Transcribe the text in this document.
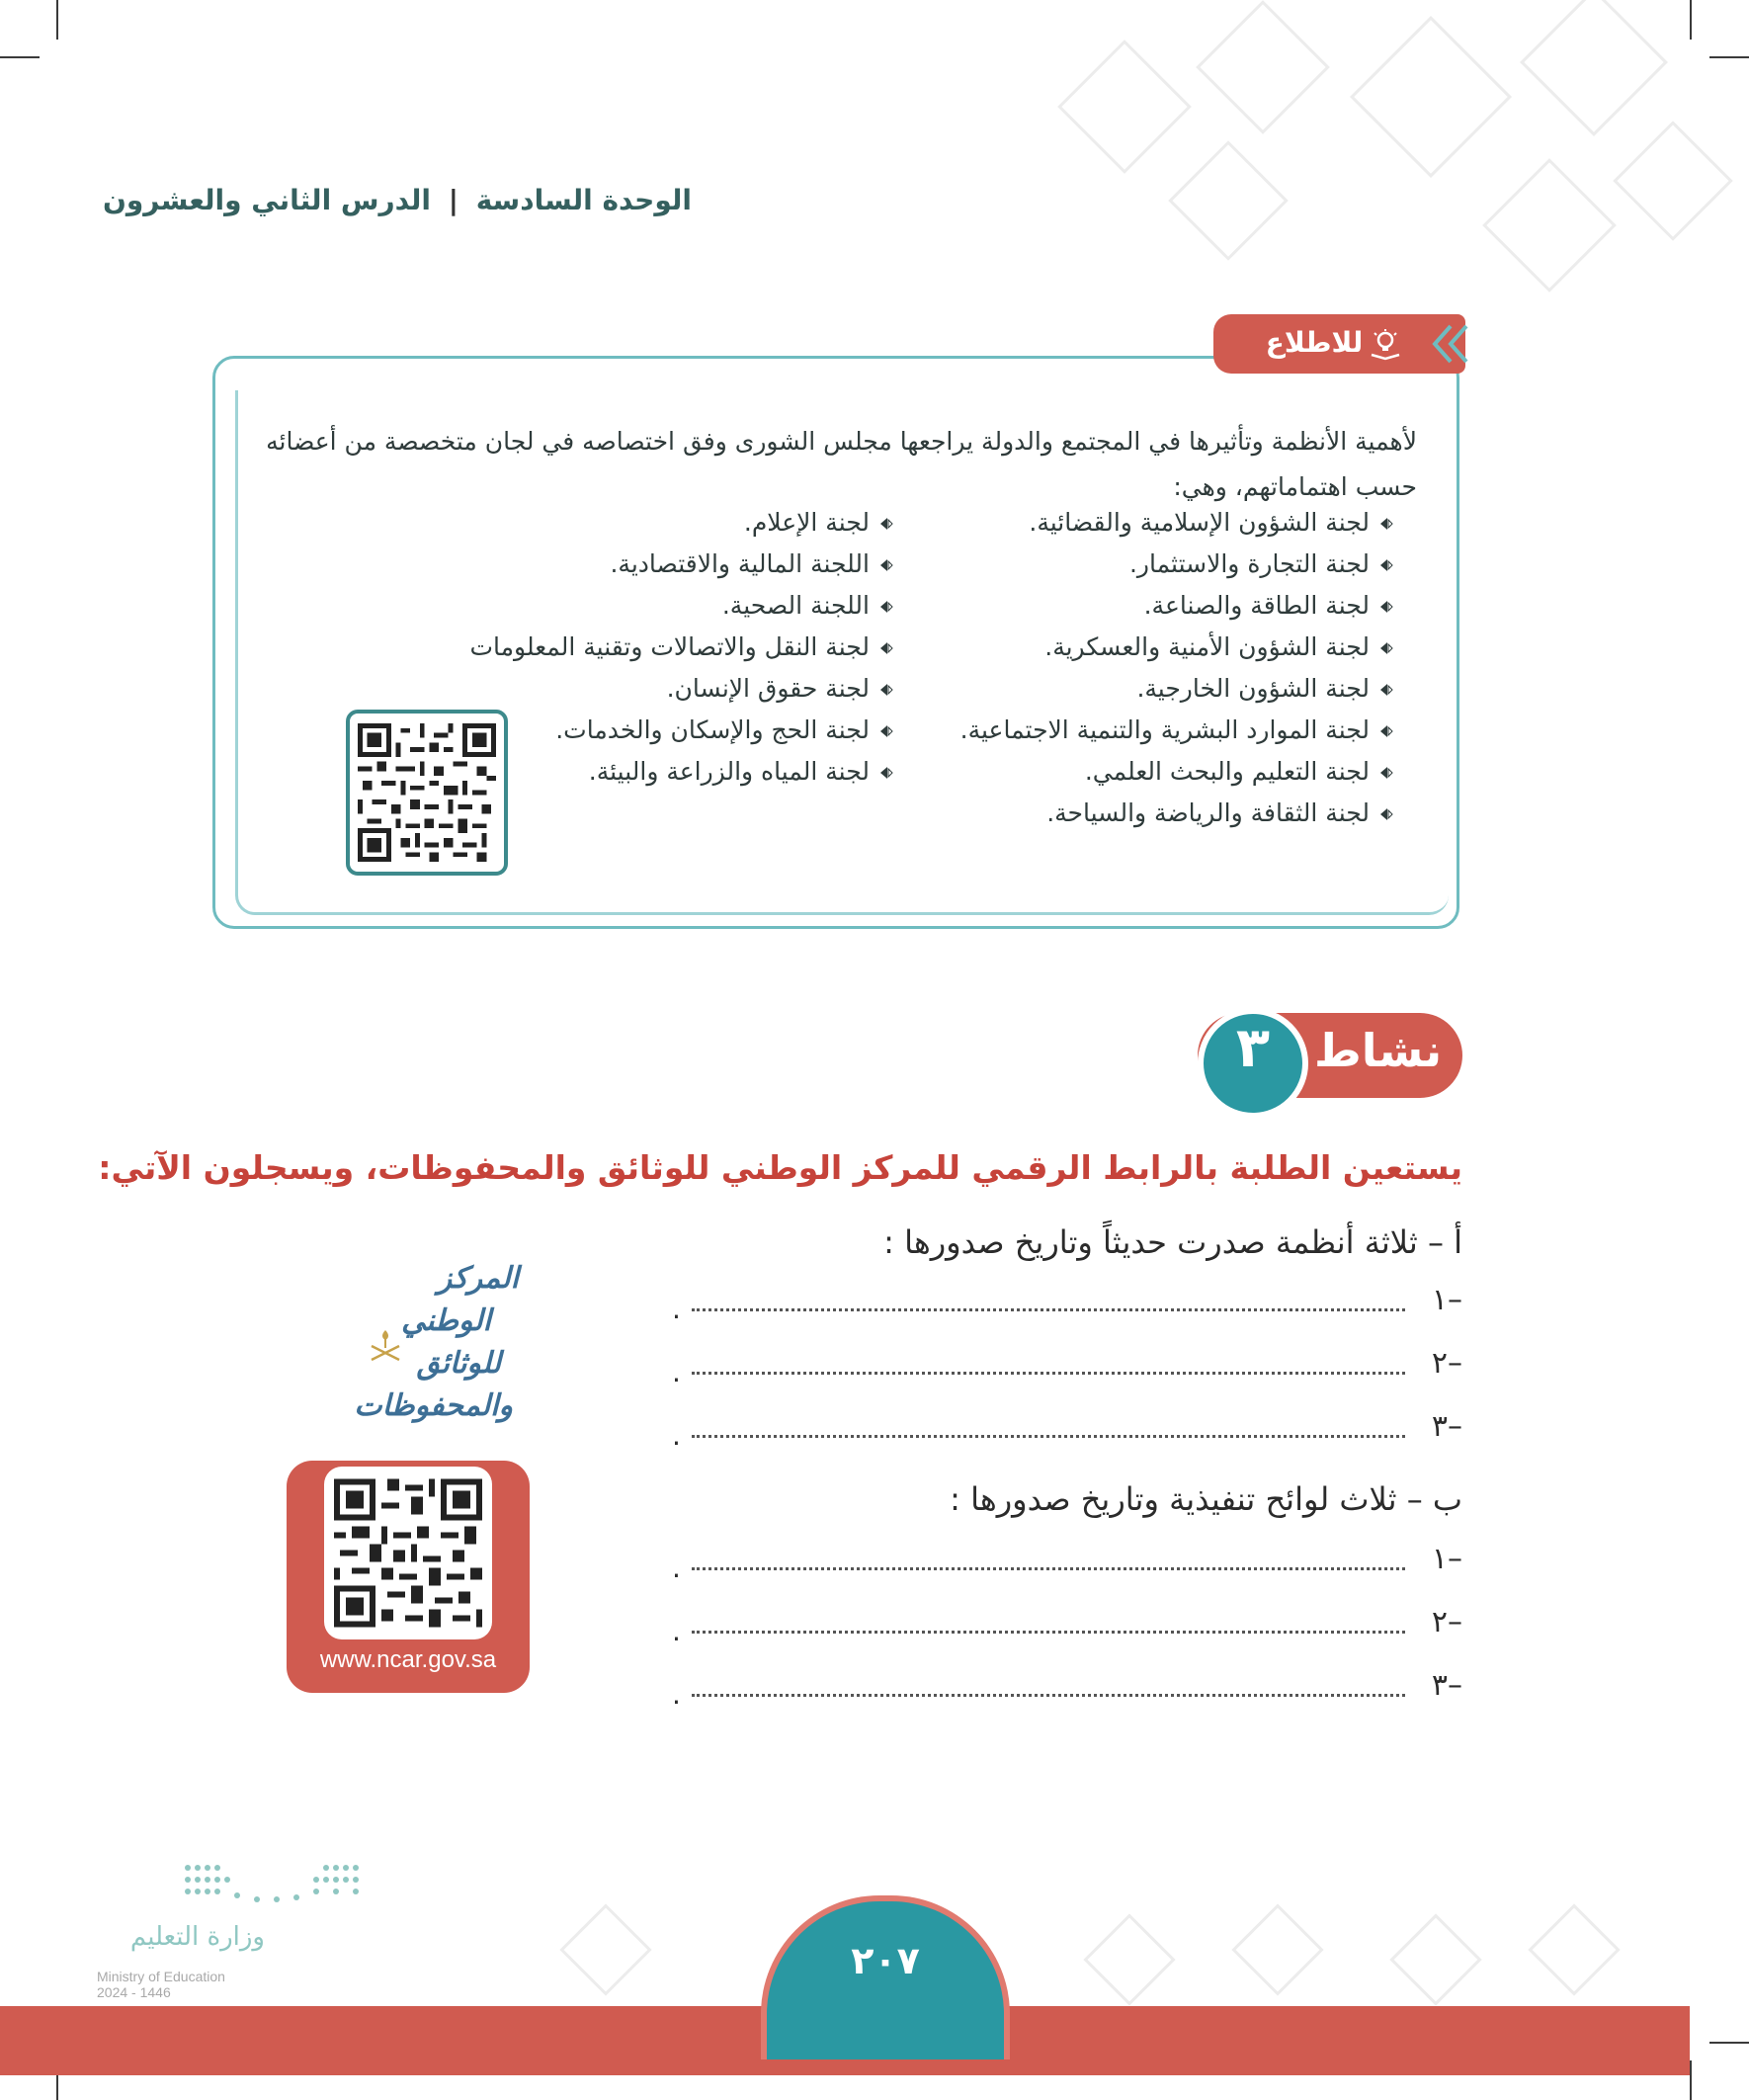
الوحدة السادسة | الدرس الثاني والعشرون
للاطلاع
لأهمية الأنظمة وتأثيرها في المجتمع والدولة يراجعها مجلس الشورى وفق اختصاصه في لجان متخصصة من أعضائه حسب اهتماماتهم، وهي:
لجنة الشؤون الإسلامية والقضائية.
لجنة التجارة والاستثمار.
لجنة الطاقة والصناعة.
لجنة الشؤون الأمنية والعسكرية.
لجنة الشؤون الخارجية.
لجنة الموارد البشرية والتنمية الاجتماعية.
لجنة التعليم والبحث العلمي.
لجنة الثقافة والرياضة والسياحة.
لجنة الإعلام.
اللجنة المالية والاقتصادية.
اللجنة الصحية.
لجنة النقل والاتصالات وتقنية المعلومات
لجنة حقوق الإنسان.
لجنة الحج والإسكان والخدمات.
لجنة المياه والزراعة والبيئة.
نشاط
٣
يستعين الطلبة بالرابط الرقمي للمركز الوطني للوثائق والمحفوظات، ويسجلون الآتي:
أ – ثلاثة أنظمة صدرت حديثاً وتاريخ صدورها :
١–
.
٢–
.
٣–
.
ب – ثلاث لوائح تنفيذية وتاريخ صدورها :
١–
.
٢–
.
٣–
.
المركز
الوطني
للوثائق
والمحفوظات
www.ncar.gov.sa
٢٠٧
وزارة التعليم
Ministry of Education
2024 - 1446
